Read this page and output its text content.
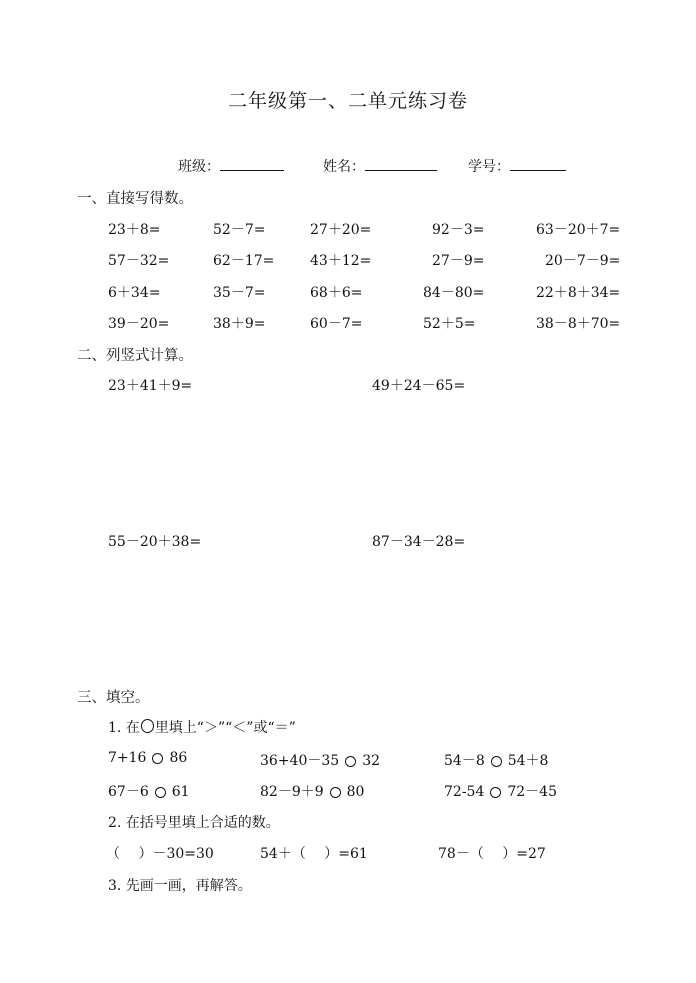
二年级第一、二单元练习卷
班级：	姓名：	学号：
一、直接写得数。
23＋8=	52－7=	27＋20=	92－3=	63－20＋7=
57－32=	62－17=	43＋12=	27－9=	20－7－9=
6＋34=	35－7=	68＋6=	84－80=	22＋8＋34=
39－20=	38＋9=	60－7=	52＋5=	38－8＋70=
二、列竖式计算。
23＋41＋9=	49＋24－65=
55－20＋38=	87－34－28=
三、填空。
1. 在 里填上“＞”“＜”或“＝”
7+16 86	36+40－35 32	54－8 54＋8
67－6 61	82－9＋9 80	72-54 72－45
2. 在括号里填上合适的数。
（　 ）－30=30	54＋（　 ）=61	78－（　 ）=27
3. 先画一画，再解答。
